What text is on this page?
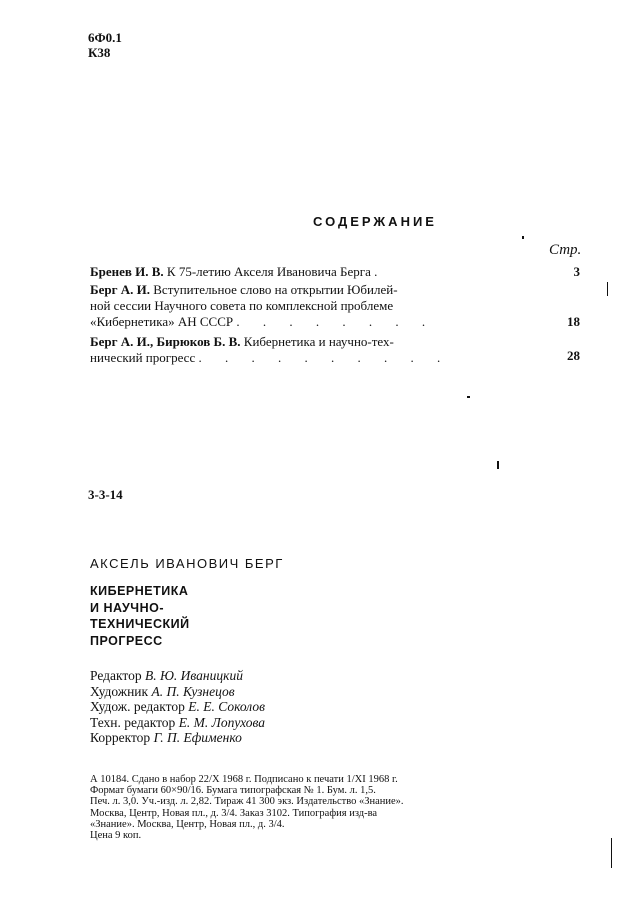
6Ф0.1
К38
СОДЕРЖАНИЕ
Стр.
Бренев И. В. К 75-летию Акселя Ивановича Берга .	3
Берг А. И. Вступительное слово на открытии Юбилей-
ной сессии Научного совета по комплексной проблеме
«Кибернетика» АН СССР . . . . . . . .	18
Берг А. И., Бирюков Б. В. Кибернетика и научно-тех-
нический прогресс . . . . . . . . . .	28
3-3-14
АКСЕЛЬ ИВАНОВИЧ БЕРГ
КИБЕРНЕТИКА
И НАУЧНО-
ТЕХНИЧЕСКИЙ
ПРОГРЕСС
Редактор В. Ю. Иваницкий
Художник А. П. Кузнецов
Худож. редактор Е. Е. Соколов
Техн. редактор Е. М. Лопухова
Корректор Г. П. Ефименко
А 10184. Сдано в набор 22/X 1968 г. Подписано к печати 1/XI 1968 г.
Формат бумаги 60×90/16. Бумага типографская № 1. Бум. л. 1,5.
Печ. л. 3,0. Уч.-изд. л. 2,82. Тираж 41 300 экз. Издательство «Знание».
Москва, Центр, Новая пл., д. 3/4. Заказ 3102. Типография изд-ва
«Знание». Москва, Центр, Новая пл., д. 3/4.
Цена 9 коп.
